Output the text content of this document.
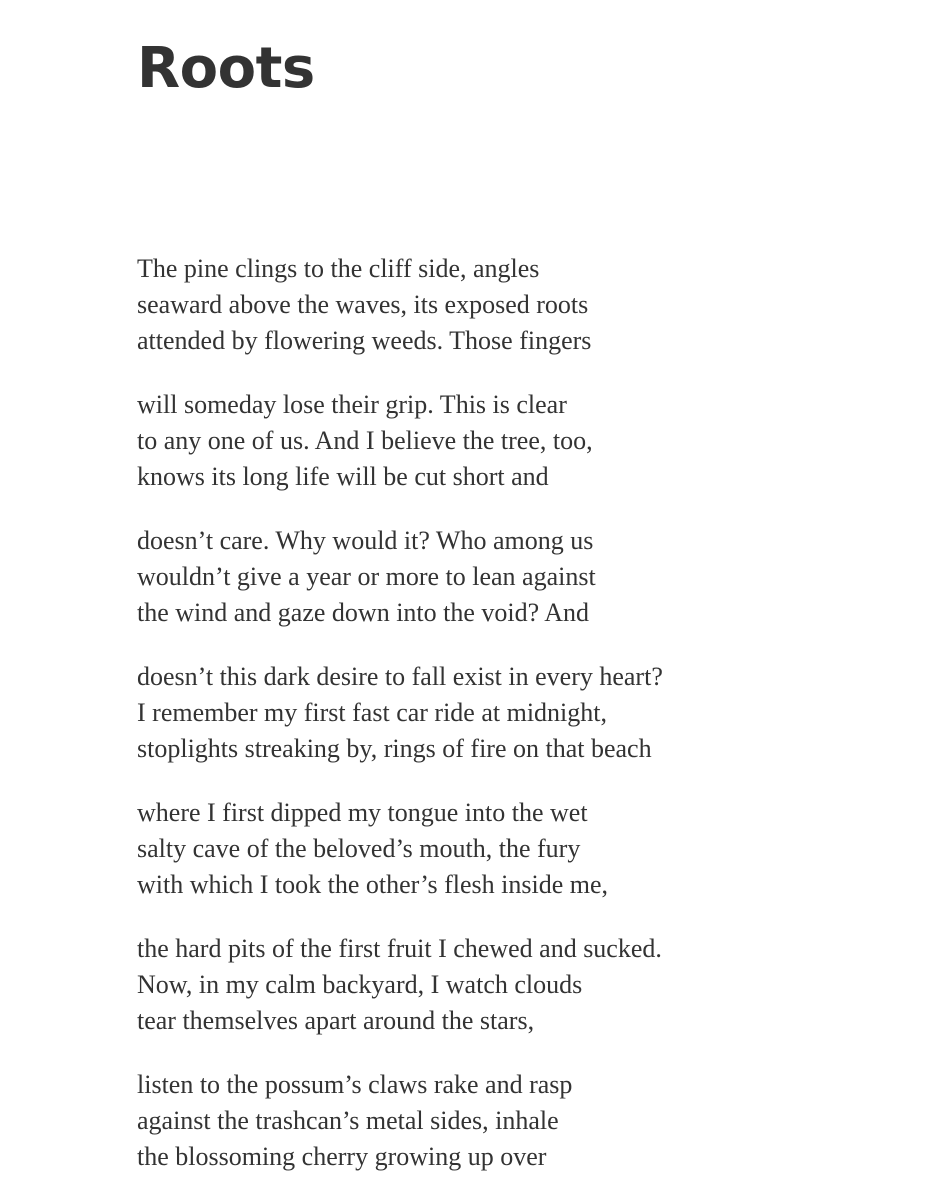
Roots

The pine clings to the cliff side, angles
seaward above the waves, its exposed roots
attended by flowering weeds. Those fingers

will someday lose their grip. This is clear
to any one of us. And I believe the tree, too,
knows its long life will be cut short and

doesn’t care. Why would it? Who among us
wouldn’t give a year or more to lean against
the wind and gaze down into the void? And

doesn’t this dark desire to fall exist in every heart?
I remember my first fast car ride at midnight,
stoplights streaking by, rings of fire on that beach

where I first dipped my tongue into the wet
salty cave of the beloved’s mouth, the fury
with which I took the other’s flesh inside me,

the hard pits of the first fruit I chewed and sucked.
Now, in my calm backyard, I watch clouds
tear themselves apart around the stars,

listen to the possum’s claws rake and rasp
against the trashcan’s metal sides, inhale
the blossoming cherry growing up over
